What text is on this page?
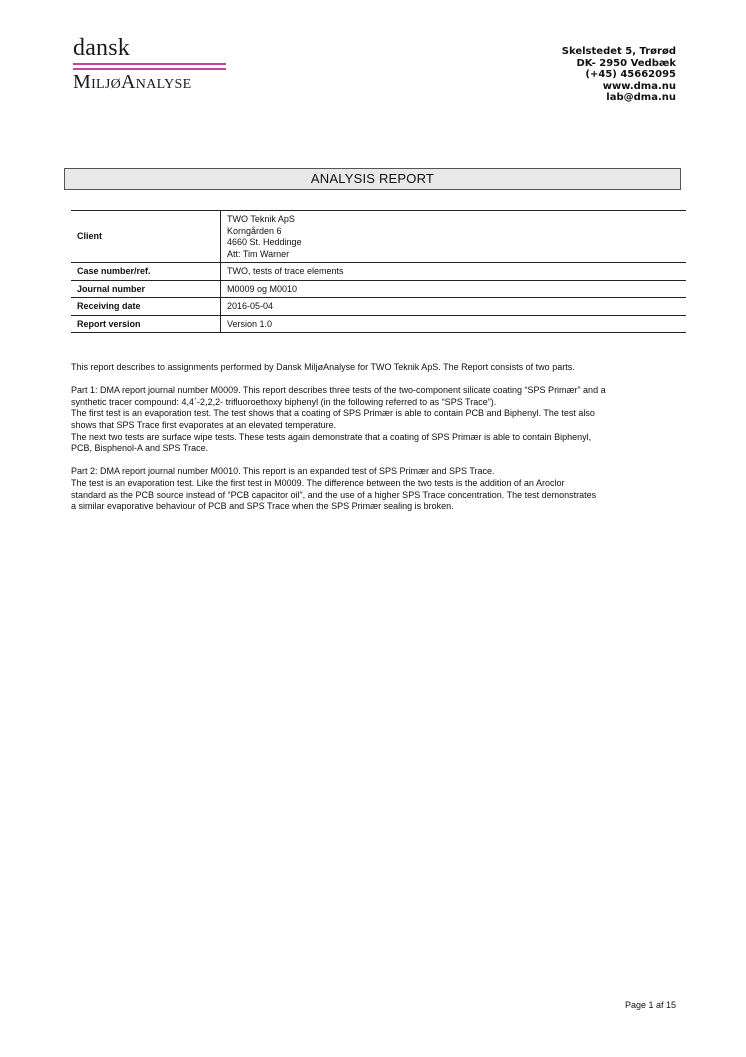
dansk
MiljøAnalyse
Skelstedet 5, Trørød
DK- 2950 Vedbæk
(+45) 45662095
www.dma.nu
lab@dma.nu
ANALYSIS REPORT
Client	TWO Teknik ApS
Korngården 6
4660 St. Heddinge
Att: Tim Warner

Case number/ref.	TWO, tests of trace elements
Journal number	M0009 og M0010
Receiving date	2016-05-04
Report version	Version 1.0

This report describes to assignments performed by Dansk MiljøAnalyse for TWO Teknik ApS. The Report consists of two parts.

Part 1: DMA report journal number M0009. This report describes three tests of the two-component silicate coating “SPS Primær” and a
synthetic tracer compound: 4,4´-2,2,2- trifluoroethoxy biphenyl (in the following referred to as “SPS Trace”).
The first test is an evaporation test. The test shows that a coating of SPS Primær is able to contain PCB and Biphenyl. The test also
shows that SPS Trace first evaporates at an elevated temperature.
The next two tests are surface wipe tests. These tests again demonstrate that a coating of SPS Primær is able to contain Biphenyl,
PCB, Bisphenol-A and SPS Trace.

Part 2: DMA report journal number M0010. This report is an expanded test of SPS Primær and SPS Trace.
The test is an evaporation test. Like the first test in M0009. The difference between the two tests is the addition of an Aroclor
standard as the PCB source instead of “PCB capacitor oil”, and the use of a higher SPS Trace concentration. The test demonstrates
a similar evaporative behaviour of PCB and SPS Trace when the SPS Primær sealing is broken.

Page 1 af 15
